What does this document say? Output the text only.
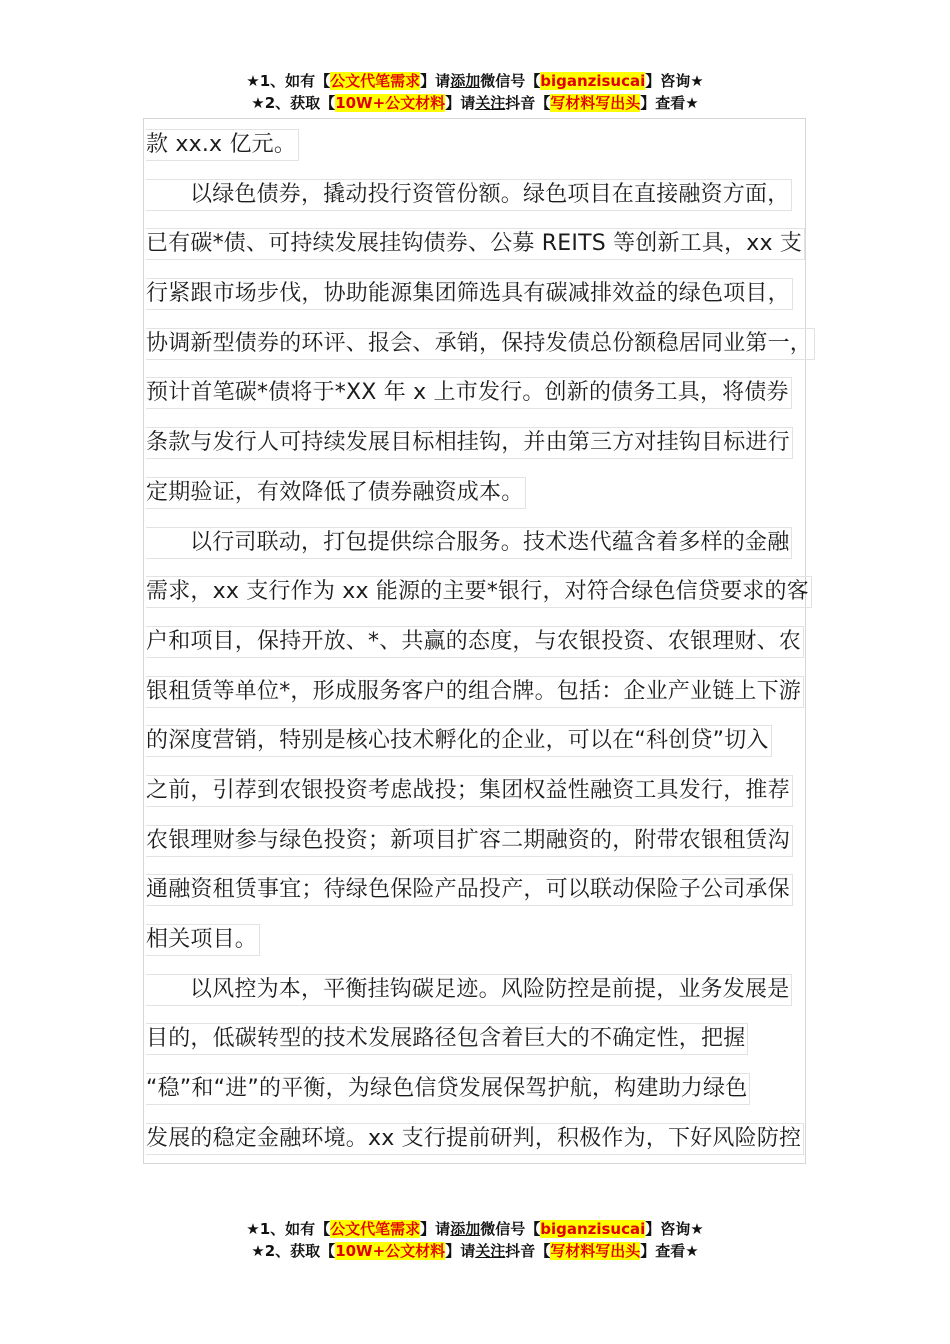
★1、如有【公文代笔需求】请添加微信号【biganzisucai】咨询★
★2、获取【10W+公文材料】请关注抖音【写材料写出头】查看★
款 xx.x 亿元。
以绿色债券，撬动投行资管份额。绿色项目在直接融资方面，
已有碳*债、可持续发展挂钩债券、公募 REITS 等创新工具，xx 支
行紧跟市场步伐，协助能源集团筛选具有碳减排效益的绿色项目，
协调新型债券的环评、报会、承销，保持发债总份额稳居同业第一，
预计首笔碳*债将于*XX 年 x 上市发行。创新的债务工具，将债券
条款与发行人可持续发展目标相挂钩，并由第三方对挂钩目标进行
定期验证，有效降低了债券融资成本。
以行司联动，打包提供综合服务。技术迭代蕴含着多样的金融
需求，xx 支行作为 xx 能源的主要*银行，对符合绿色信贷要求的客
户和项目，保持开放、*、共赢的态度，与农银投资、农银理财、农
银租赁等单位*，形成服务客户的组合牌。包括：企业产业链上下游
的深度营销，特别是核心技术孵化的企业，可以在“科创贷”切入
之前，引荐到农银投资考虑战投；集团权益性融资工具发行，推荐
农银理财参与绿色投资；新项目扩容二期融资的，附带农银租赁沟
通融资租赁事宜；待绿色保险产品投产，可以联动保险子公司承保
相关项目。
以风控为本，平衡挂钩碳足迹。风险防控是前提，业务发展是
目的，低碳转型的技术发展路径包含着巨大的不确定性，把握
“稳”和“进”的平衡，为绿色信贷发展保驾护航，构建助力绿色
发展的稳定金融环境。xx 支行提前研判，积极作为，下好风险防控
★1、如有【公文代笔需求】请添加微信号【biganzisucai】咨询★
★2、获取【10W+公文材料】请关注抖音【写材料写出头】查看★
